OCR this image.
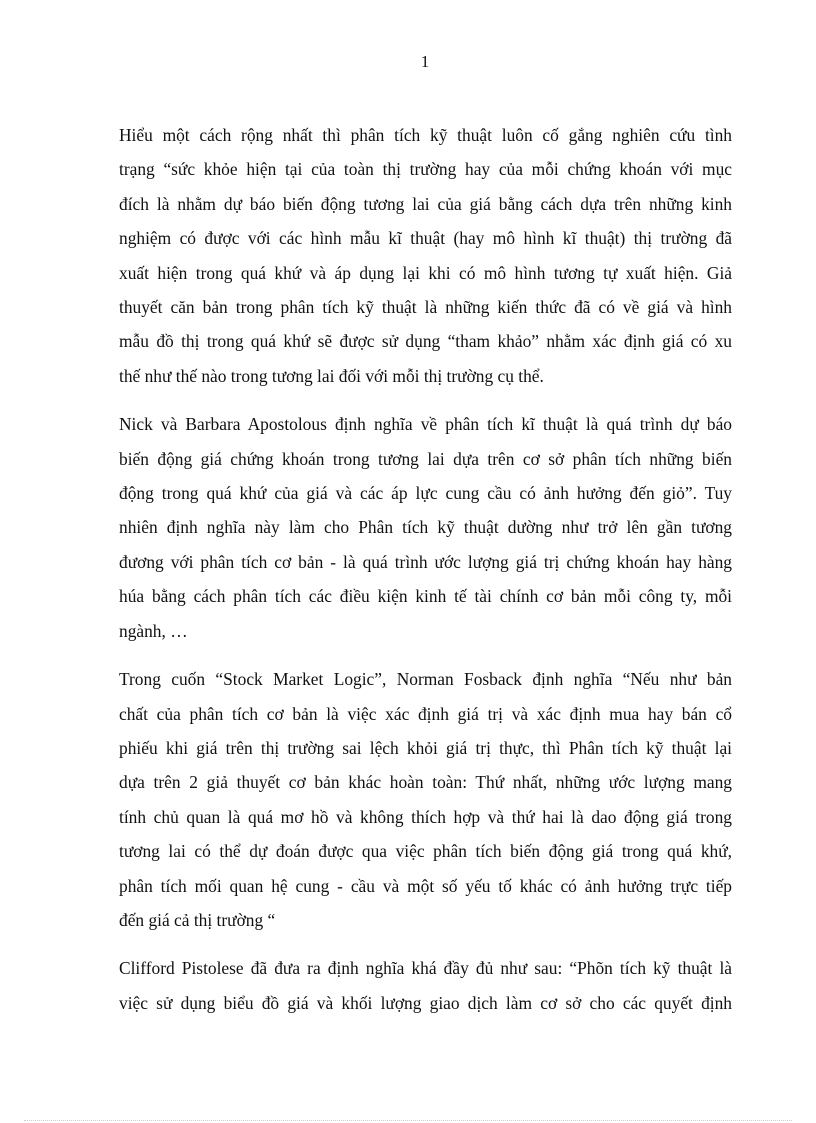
1

Hiểu một cách rộng nhất thì phân tích kỹ thuật luôn cố gắng nghiên cứu tình
trạng “sức khỏe hiện tại của toàn thị trường hay của mỗi chứng khoán với mục
đích là nhằm dự báo biến động tương lai của giá bằng cách dựa trên những kinh
nghiệm có được với các hình mẫu kĩ thuật (hay mô hình kĩ thuật) thị trường đã
xuất hiện trong quá khứ và áp dụng lại khi có mô hình tương tự xuất hiện. Giả
thuyết căn bản trong phân tích kỹ thuật là những kiến thức đã có về giá và hình
mẫu đồ thị trong quá khứ sẽ được sử dụng “tham khảo” nhằm xác định giá có xu
thế như thế nào trong tương lai đối với mỗi thị trường cụ thể.

Nick và Barbara Apostolous định nghĩa về phân tích kĩ thuật là quá trình dự báo
biến động giá chứng khoán trong tương lai dựa trên cơ sở phân tích những biến
động trong quá khứ của giá và các áp lực cung cầu có ảnh hưởng đến giỏ”. Tuy
nhiên định nghĩa này làm cho Phân tích kỹ thuật dường như trở lên gần tương
đương với phân tích cơ bản - là quá trình ước lượng giá trị chứng khoán hay hàng
húa bằng cách phân tích các điều kiện kinh tế tài chính cơ bản mỗi công ty, mỗi
ngành, …

Trong cuốn “Stock Market Logic”, Norman Fosback định nghĩa “Nếu như bản
chất của phân tích cơ bản là việc xác định giá trị và xác định mua hay bán cổ
phiếu khi giá trên thị trường sai lệch khỏi giá trị thực, thì Phân tích kỹ thuật lại
dựa trên 2 giả thuyết cơ bản khác hoàn toàn: Thứ nhất, những ước lượng mang
tính chủ quan là quá mơ hồ và không thích hợp và thứ hai là dao động giá trong
tương lai có thể dự đoán được qua việc phân tích biến động giá trong quá khứ,
phân tích mối quan hệ cung - cầu và một số yếu tố khác có ảnh hưởng trực tiếp
đến giá cả thị trường “

Clifford Pistolese đã đưa ra định nghĩa khá đầy đủ như sau: “Phõn tích kỹ thuật là
việc sử dụng biểu đồ giá và khối lượng giao dịch làm cơ sở cho các quyết định
